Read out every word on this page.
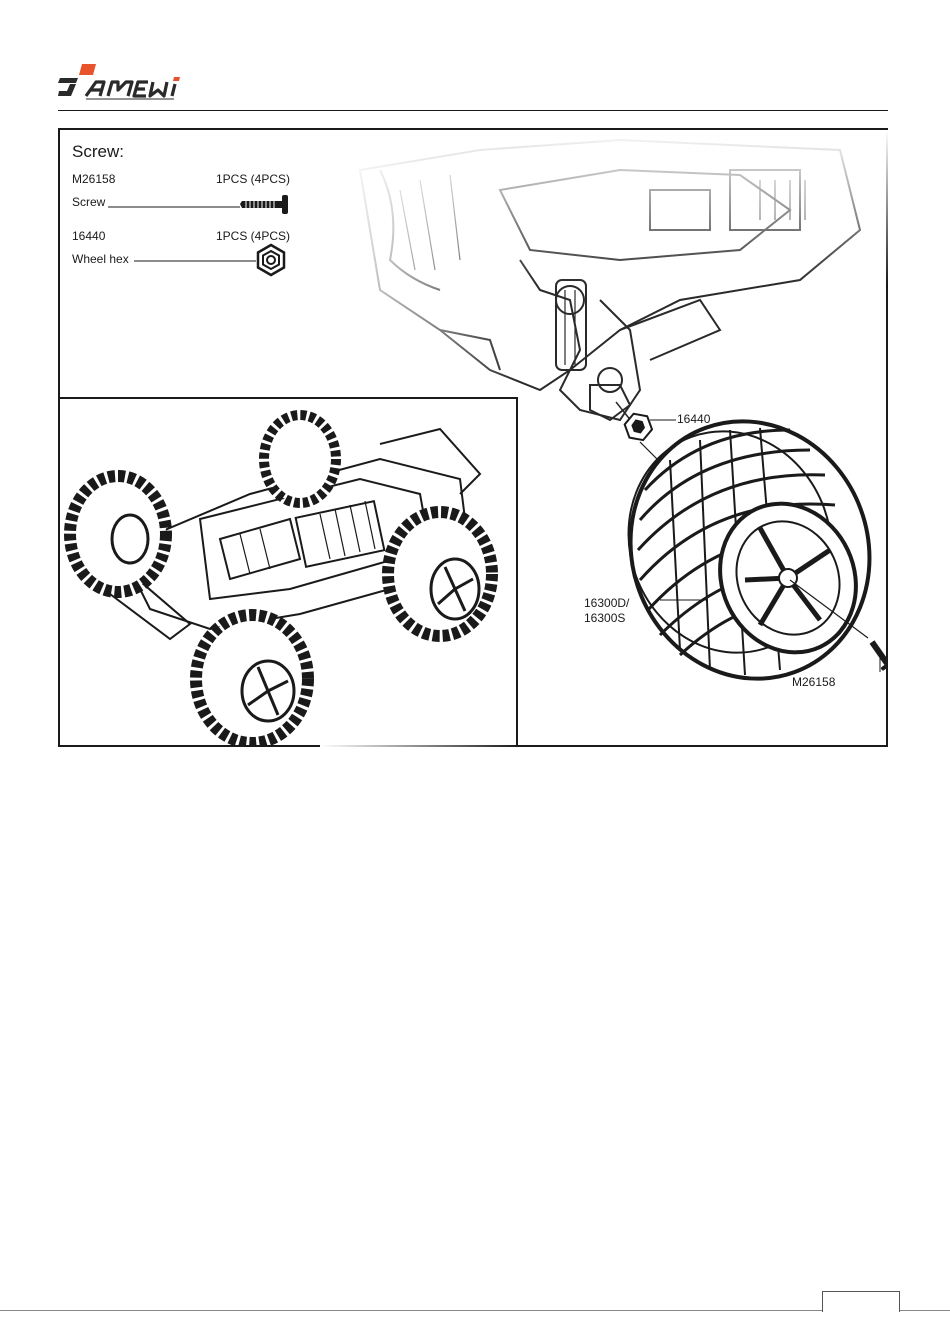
Screw:
M26158	1PCS (4PCS)
Screw
16440	1PCS (4PCS)
Wheel hex
16440
16300D/
16300S
M26158
